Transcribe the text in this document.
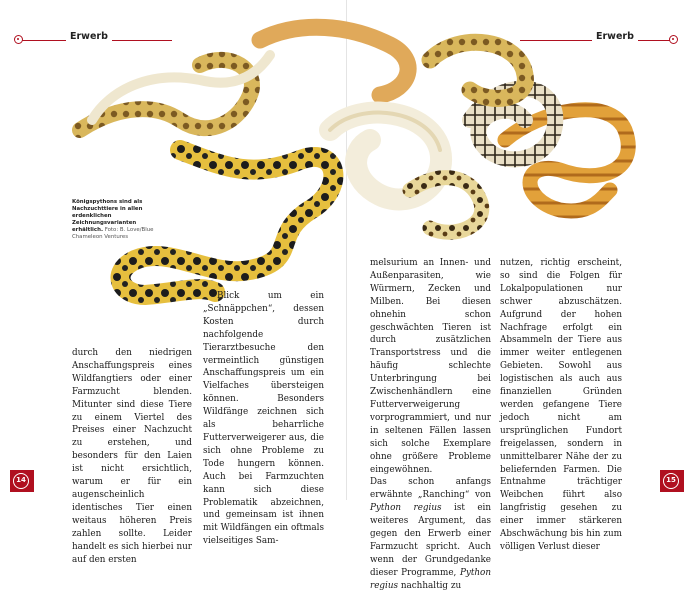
Erwerb	Erwerb
Königspythons sind als Nachzuchttiere in allen erdenklichen Zeichnungsvarianten erhältlich. Foto: B. Love/Blue Chameleon Ventures

durch den niedrigen Anschaffungspreis eines Wildfangtiers oder einer Farmzucht blenden. Mitunter sind diese Tiere zu einem Viertel des Preises einer Nachzucht zu erstehen, und besonders für den Laien ist nicht ersichtlich, warum er für ein augenscheinlich identisches Tier einen weitaus höheren Preis zahlen sollte. Leider handelt es sich hierbei nur auf den ersten

Blick um ein „Schnäppchen“, dessen Kosten durch nachfolgende Tierarztbesuche den vermeintlich günstigen Anschaffungspreis um ein Vielfaches übersteigen können. Besonders Wildfänge zeichnen sich als beharrliche Futterverweigerer aus, die sich ohne Probleme zu Tode hungern können. Auch bei Farmzuchten kann sich diese Problematik abzeichnen, und gemeinsam ist ihnen mit Wildfängen ein oftmals vielseitiges Sam-

melsurium an Innen- und Außenparasiten, wie Würmern, Zecken und Milben. Bei diesen ohnehin schon geschwächten Tieren ist durch zusätzlichen Transportstress und die häufig schlechte Unterbringung bei Zwischenhändlern eine Futterverweigerung vorprogrammiert, und nur in seltenen Fällen lassen sich solche Exemplare ohne größere Probleme eingewöhnen.

Das schon anfangs erwähnte „Ranching“ von Python regius ist ein weiteres Argument, das gegen den Erwerb einer Farmzucht spricht. Auch wenn der Grundgedanke dieser Programme, Python regius nachhaltig zu

nutzen, richtig erscheint, so sind die Folgen für Lokalpopulationen nur schwer abzuschätzen. Aufgrund der hohen Nachfrage erfolgt ein Absammeln der Tiere aus immer weiter entlegenen Gebieten. Sowohl aus logistischen als auch aus finanziellen Gründen werden gefangene Tiere jedoch nicht am ursprünglichen Fundort freigelassen, sondern in unmittelbarer Nähe der zu beliefernden Farmen. Die Entnahme trächtiger Weibchen führt also langfristig gesehen zu einer immer stärkeren Abschwächung bis hin zum völligen Verlust dieser

14	15
